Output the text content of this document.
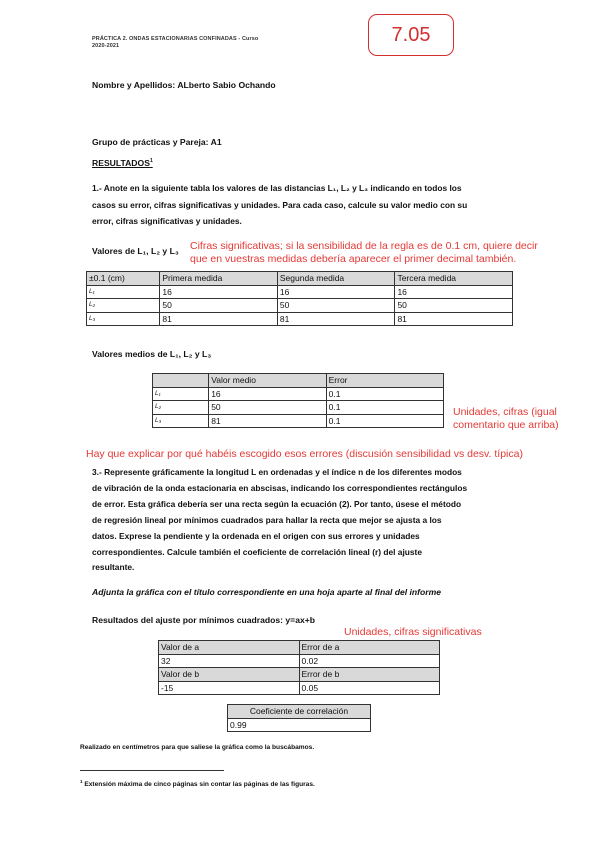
PRÁCTICA 2. ONDAS ESTACIONARIAS CONFINADAS - Curso
2020-2021	7.05
Nombre y Apellidos: ALberto Sabio Ochando
Grupo de prácticas y Pareja: A1
RESULTADOS$^1$
1.- Anote en la siguiente tabla los valores de las distancias L₁, L₂ y L₃ indicando en todos los
casos su error, cifras significativas y unidades. Para cada caso, calcule su valor medio con su
error, cifras significativas y unidades.
Valores de L₁, L₂ y L₃ Cifras significativas; si la sensibilidad de la regla es de 0.1 cm, quiere decir
que en vuestras medidas debería aparecer el primer decimal también.
±0.1 (cm)	Primera medida	Segunda medida	Tercera medida
L₁	16	16	16
L₂	50	50	50
L₃	81	81	81
Valores medios de L₁, L₂ y L₃
	Valor medio	Error
L₁	16	0.1
L₂	50	0.1
L₃	81	0.1
Unidades, cifras (igual
comentario que arriba)
Hay que explicar por qué habéis escogido esos errores (discusión sensibilidad vs desv. típica)
3.- Represente gráficamente la longitud L en ordenadas y el índice n de los diferentes modos
de vibración de la onda estacionaria en abscisas, indicando los correspondientes rectángulos
de error. Esta gráfica debería ser una recta según la ecuación (2). Por tanto, úsese el método
de regresión lineal por mínimos cuadrados para hallar la recta que mejor se ajusta a los
datos. Exprese la pendiente y la ordenada en el origen con sus errores y unidades
correspondientes. Calcule también el coeficiente de correlación lineal (r) del ajuste
resultante.
Adjunta la gráfica con el título correspondiente en una hoja aparte al final del informe
Resultados del ajuste por mínimos cuadrados: y=ax+b
Unidades, cifras significativas
Valor de a	Error de a
32	0.02
Valor de b	Error de b
-15	0.05
Coeficiente de correlación
0.99
Realizado en centímetros para que saliese la gráfica como la buscábamos.
$^1$ Extensión máxima de cinco páginas sin contar las páginas de las figuras.
